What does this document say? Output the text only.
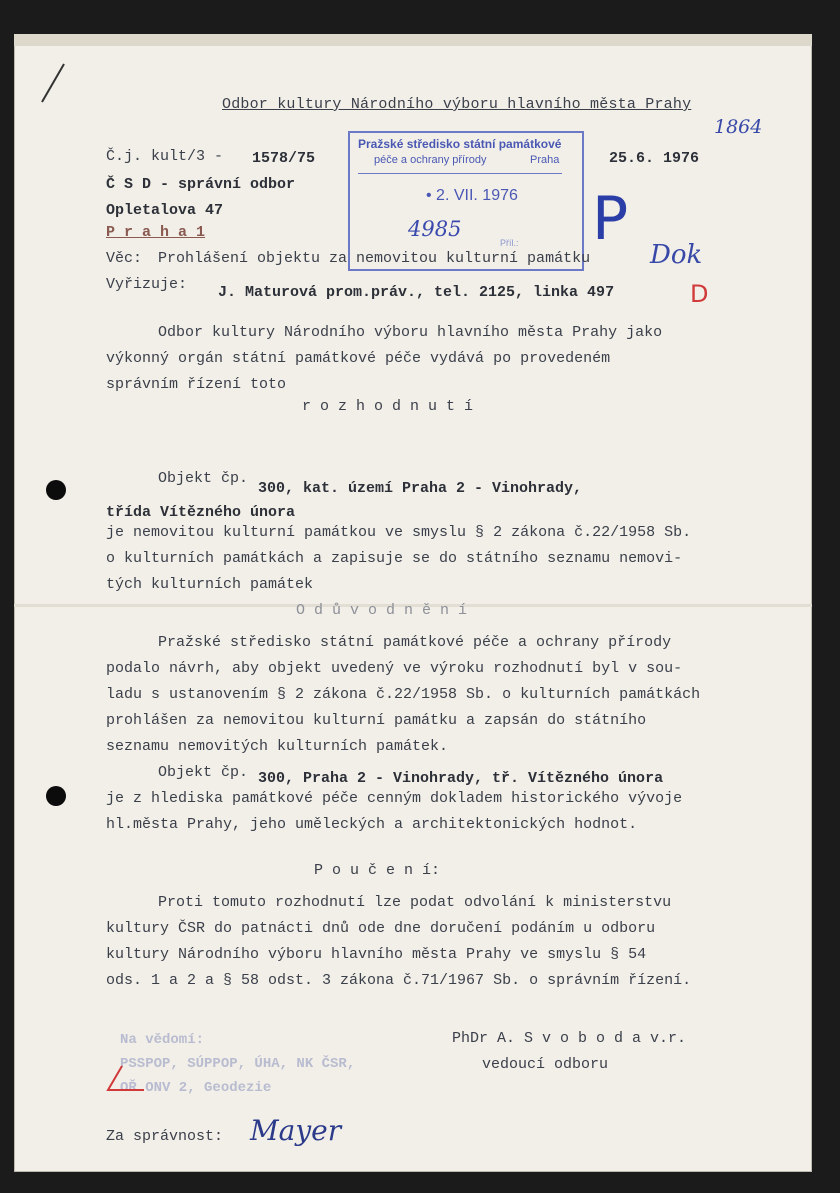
Odbor kultury Národního výboru hlavního města Prahy
1864
Č.j. kult/3 - 1578/75	25.6. 1976
Č S D - správní odbor
Opletalova 47
P r a h a 1
Pražské středisko státní památkové
péče a ochrany přírody	Praha
• 2. VII. 1976
4985
Příl.: P
Dok
D
Věc: Prohlášení objektu za nemovitou kulturní památku
Vyřizuje: J. Maturová prom.práv., tel. 2125, linka 497
Odbor kultury Národního výboru hlavního města Prahy jako
výkonný orgán státní památkové péče vydává po provedeném
správním řízení toto
r o z h o d n u t í
Objekt čp.
300, kat. území Praha 2 - Vinohrady,
třída Vítězného února
je nemovitou kulturní památkou ve smyslu § 2 zákona č.22/1958 Sb.
o kulturních památkách a zapisuje se do státního seznamu nemovi-
tých kulturních památek
O d ů v o d n ě n í
Pražské středisko státní památkové péče a ochrany přírody
podalo návrh, aby objekt uvedený ve výroku rozhodnutí byl v sou-
ladu s ustanovením § 2 zákona č.22/1958 Sb. o kulturních památkách
prohlášen za nemovitou kulturní památku a zapsán do státního
seznamu nemovitých kulturních památek.
Objekt čp. 300, Praha 2 - Vinohrady, tř. Vítězného února
je z hlediska památkové péče cenným dokladem historického vývoje
hl.města Prahy, jeho uměleckých a architektonických hodnot.
P o u č e n í:
Proti tomuto rozhodnutí lze podat odvolání k ministerstvu
kultury ČSR do patnácti dnů ode dne doručení podáním u odboru
kultury Národního výboru hlavního města Prahy ve smyslu § 54
ods. 1 a 2 a § 58 odst. 3 zákona č.71/1967 Sb. o správním řízení.
Na vědomí:
PSSPOP, SÚPPOP, ÚHA, NK ČSR,
OŘ ONV 2, Geodezie
PhDr A. S v o b o d a v.r.
vedoucí odboru
Za správnost: Mayer
